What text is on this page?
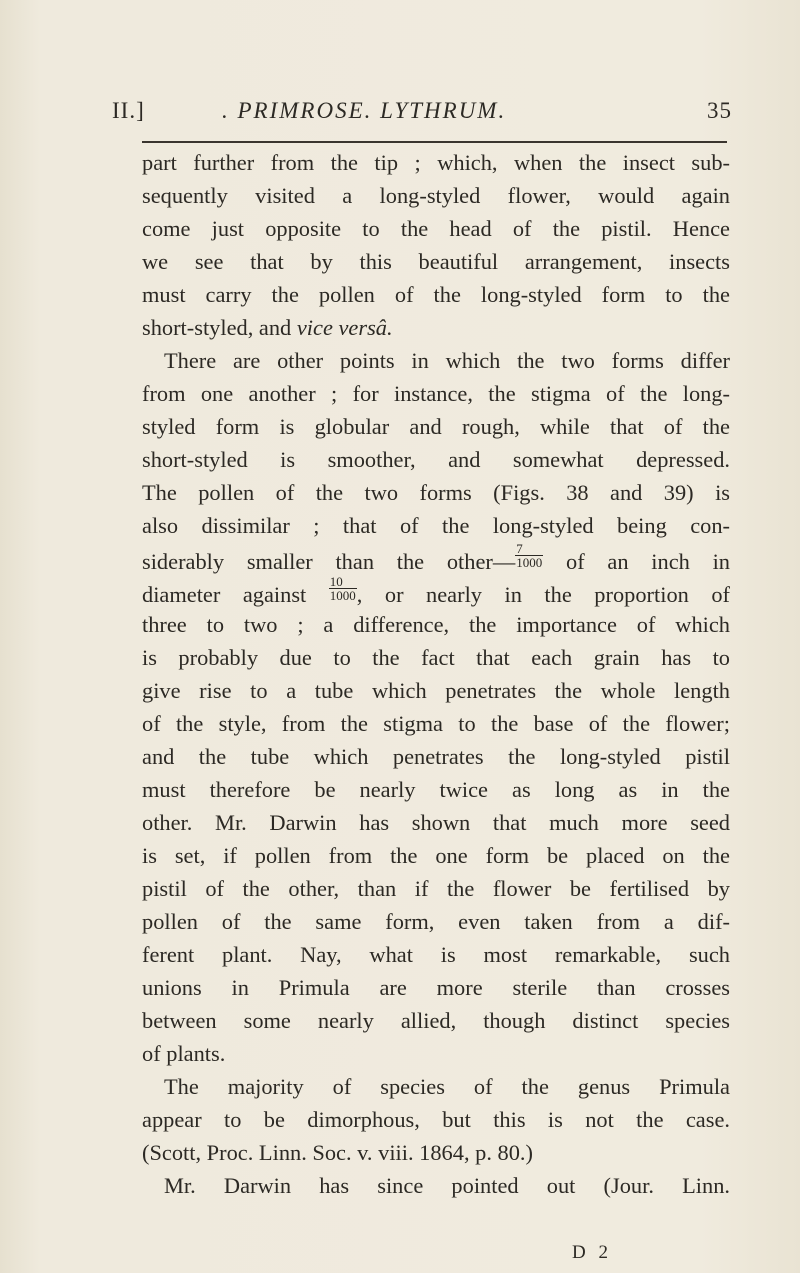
II.]	. PRIMROSE. LYTHRUM.	35
part further from the tip ; which, when the insect sub-
sequently visited a long-styled flower, would again
come just opposite to the head of the pistil. Hence
we see that by this beautiful arrangement, insects
must carry the pollen of the long-styled form to the
short-styled, and vice versâ.
There are other points in which the two forms differ
from one another ; for instance, the stigma of the long-
styled form is globular and rough, while that of the
short-styled is smoother, and somewhat depressed.
The pollen of the two forms (Figs. 38 and 39) is
also dissimilar ; that of the long-styled being con-
siderably smaller than the other— $\frac{7}{1000}$ of an inch in
diameter against $\frac{10}{1000}$ , or nearly in the proportion of
three to two ; a difference, the importance of which
is probably due to the fact that each grain has to
give rise to a tube which penetrates the whole length
of the style, from the stigma to the base of the flower;
and the tube which penetrates the long-styled pistil
must therefore be nearly twice as long as in the
other. Mr. Darwin has shown that much more seed
is set, if pollen from the one form be placed on the
pistil of the other, than if the flower be fertilised by
pollen of the same form, even taken from a dif-
ferent plant. Nay, what is most remarkable, such
unions in Primula are more sterile than crosses
between some nearly allied, though distinct species
of plants.
The majority of species of the genus Primula
appear to be dimorphous, but this is not the case.
(Scott, Proc. Linn. Soc. v. viii. 1864, p. 80.)
Mr. Darwin has since pointed out (Jour. Linn.
D 2
